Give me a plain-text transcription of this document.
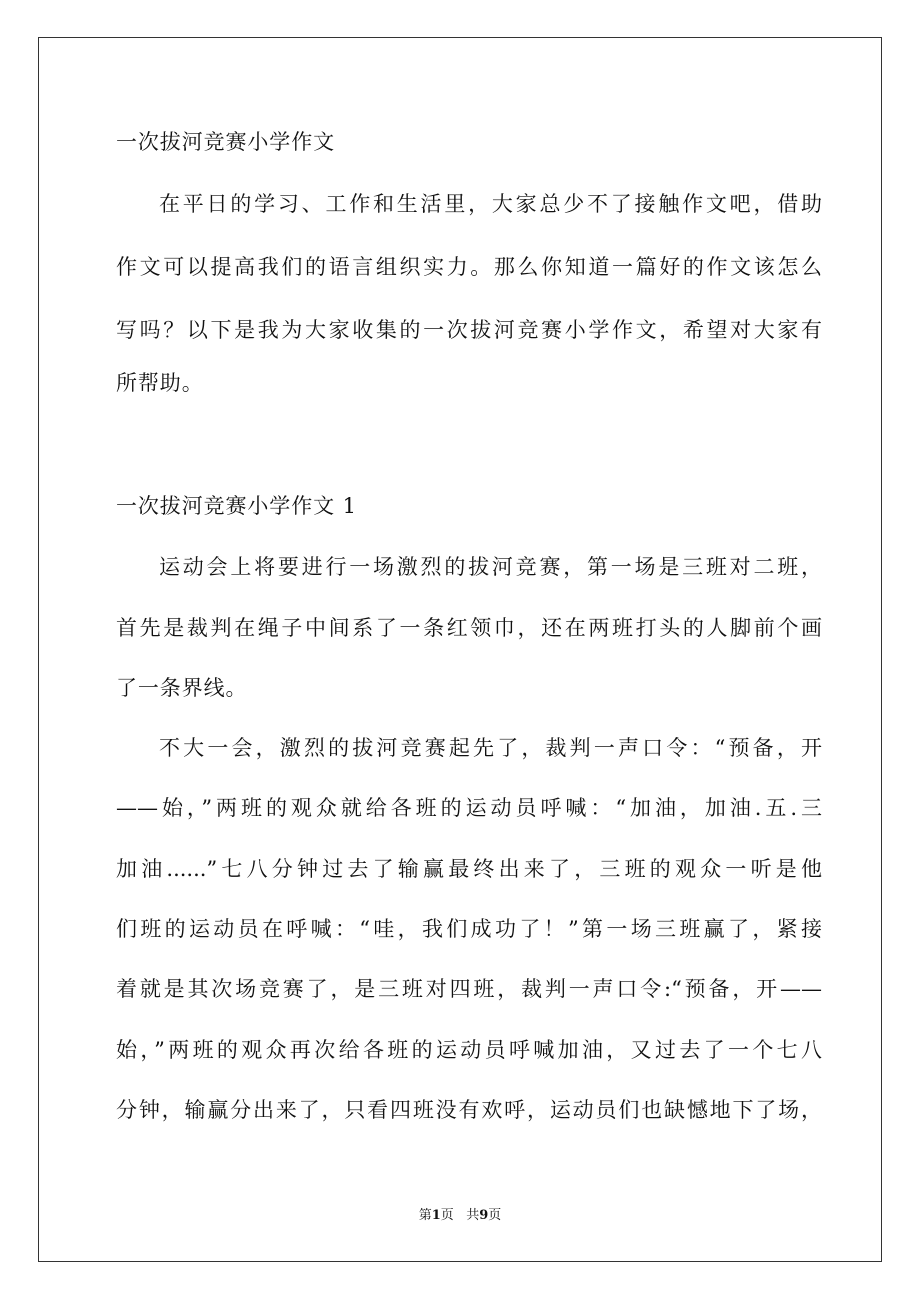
一次拔河竞赛小学作文
在平日的学习、工作和生活里，大家总少不了接触作文吧，借助
作文可以提高我们的语言组织实力。那么你知道一篇好的作文该怎么
写吗？以下是我为大家收集的一次拔河竞赛小学作文，希望对大家有
所帮助。
一次拔河竞赛小学作文 1
运动会上将要进行一场激烈的拔河竞赛，第一场是三班对二班，
首先是裁判在绳子中间系了一条红领巾，还在两班打头的人脚前个画
了一条界线。
不大一会，激烈的拔河竞赛起先了，裁判一声口令：“预备，开
——始，”两班的观众就给各班的运动员呼喊：“加油，加油.五.三
加油......”七八分钟过去了输赢最终出来了，三班的观众一听是他
们班的运动员在呼喊：“哇，我们成功了！”第一场三班赢了，紧接
着就是其次场竞赛了，是三班对四班，裁判一声口令:“预备，开——
始，”两班的观众再次给各班的运动员呼喊加油，又过去了一个七八
分钟，输赢分出来了，只看四班没有欢呼，运动员们也缺憾地下了场，
第1页   共9页
